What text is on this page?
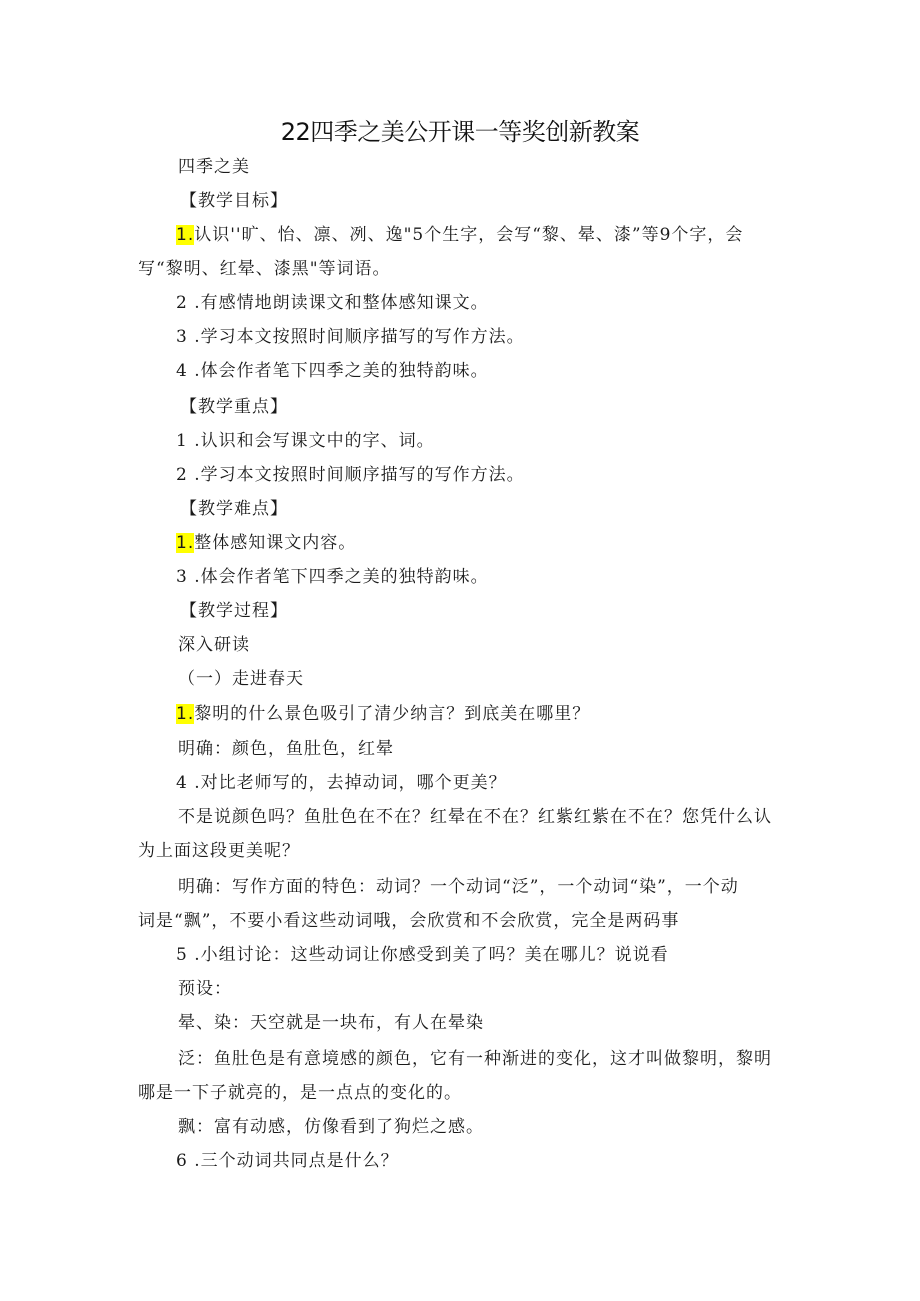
22四季之美公开课一等奖创新教案
四季之美
【教学目标】
1.认识''旷、怡、凛、冽、逸"5个生字，会写“黎、晕、漆”等9个字，会
写“黎明、红晕、漆黑"等词语。
2 .有感情地朗读课文和整体感知课文。
3 .学习本文按照时间顺序描写的写作方法。
4 .体会作者笔下四季之美的独特韵味。
【教学重点】
1 .认识和会写课文中的字、词。
2 .学习本文按照时间顺序描写的写作方法。
【教学难点】
1.整体感知课文内容。
3 .体会作者笔下四季之美的独特韵味。
【教学过程】
深入研读
（一）走进春天
1.黎明的什么景色吸引了清少纳言？到底美在哪里？
明确：颜色，鱼肚色，红晕
4 .对比老师写的，去掉动词，哪个更美？
不是说颜色吗？鱼肚色在不在？红晕在不在？红紫红紫在不在？您凭什么认
为上面这段更美呢？
明确：写作方面的特色：动词？一个动词“泛”，一个动词“染”，一个动
词是“飘”，不要小看这些动词哦，会欣赏和不会欣赏，完全是两码事
5 .小组讨论：这些动词让你感受到美了吗？美在哪儿？说说看
预设：
晕、染：天空就是一块布，有人在晕染
泛：鱼肚色是有意境感的颜色，它有一种渐进的变化，这才叫做黎明，黎明
哪是一下子就亮的，是一点点的变化的。
飘：富有动感，仿像看到了狗烂之感。
6 .三个动词共同点是什么？
